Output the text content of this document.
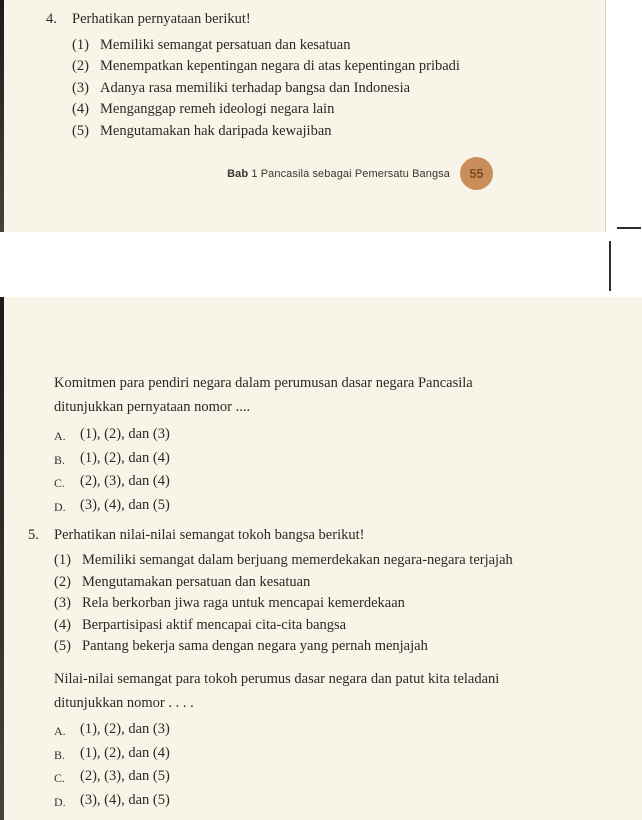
4.	Perhatikan pernyataan berikut!
(1) Memiliki semangat persatuan dan kesatuan
(2) Menempatkan kepentingan negara di atas kepentingan pribadi
(3) Adanya rasa memiliki terhadap bangsa dan Indonesia
(4) Menganggap remeh ideologi negara lain
(5) Mengutamakan hak daripada kewajiban
Bab 1 Pancasila sebagai Pemersatu Bangsa	55

Komitmen para pendiri negara dalam perumusan dasar negara Pancasila ditunjukkan pernyataan nomor ....

A. (1), (2), dan (3)
B.	(1), (2), dan (4)
C.	(2), (3), dan (4)
D. (3), (4), dan (5)
5.	Perhatikan nilai-nilai semangat tokoh bangsa berikut!
(1) Memiliki semangat dalam berjuang memerdekakan negara-negara terjajah
(2) Mengutamakan persatuan dan kesatuan
(3) Rela berkorban jiwa raga untuk mencapai kemerdekaan
(4) Berpartisipasi aktif mencapai cita-cita bangsa
(5) Pantang bekerja sama dengan negara yang pernah menjajah

Nilai-nilai semangat para tokoh perumus dasar negara dan patut kita teladani ditunjukkan nomor . . . .

A. (1), (2), dan (3)
B.	(1), (2), dan (4)
C.	(2), (3), dan (5)
D. (3), (4), dan (5)
